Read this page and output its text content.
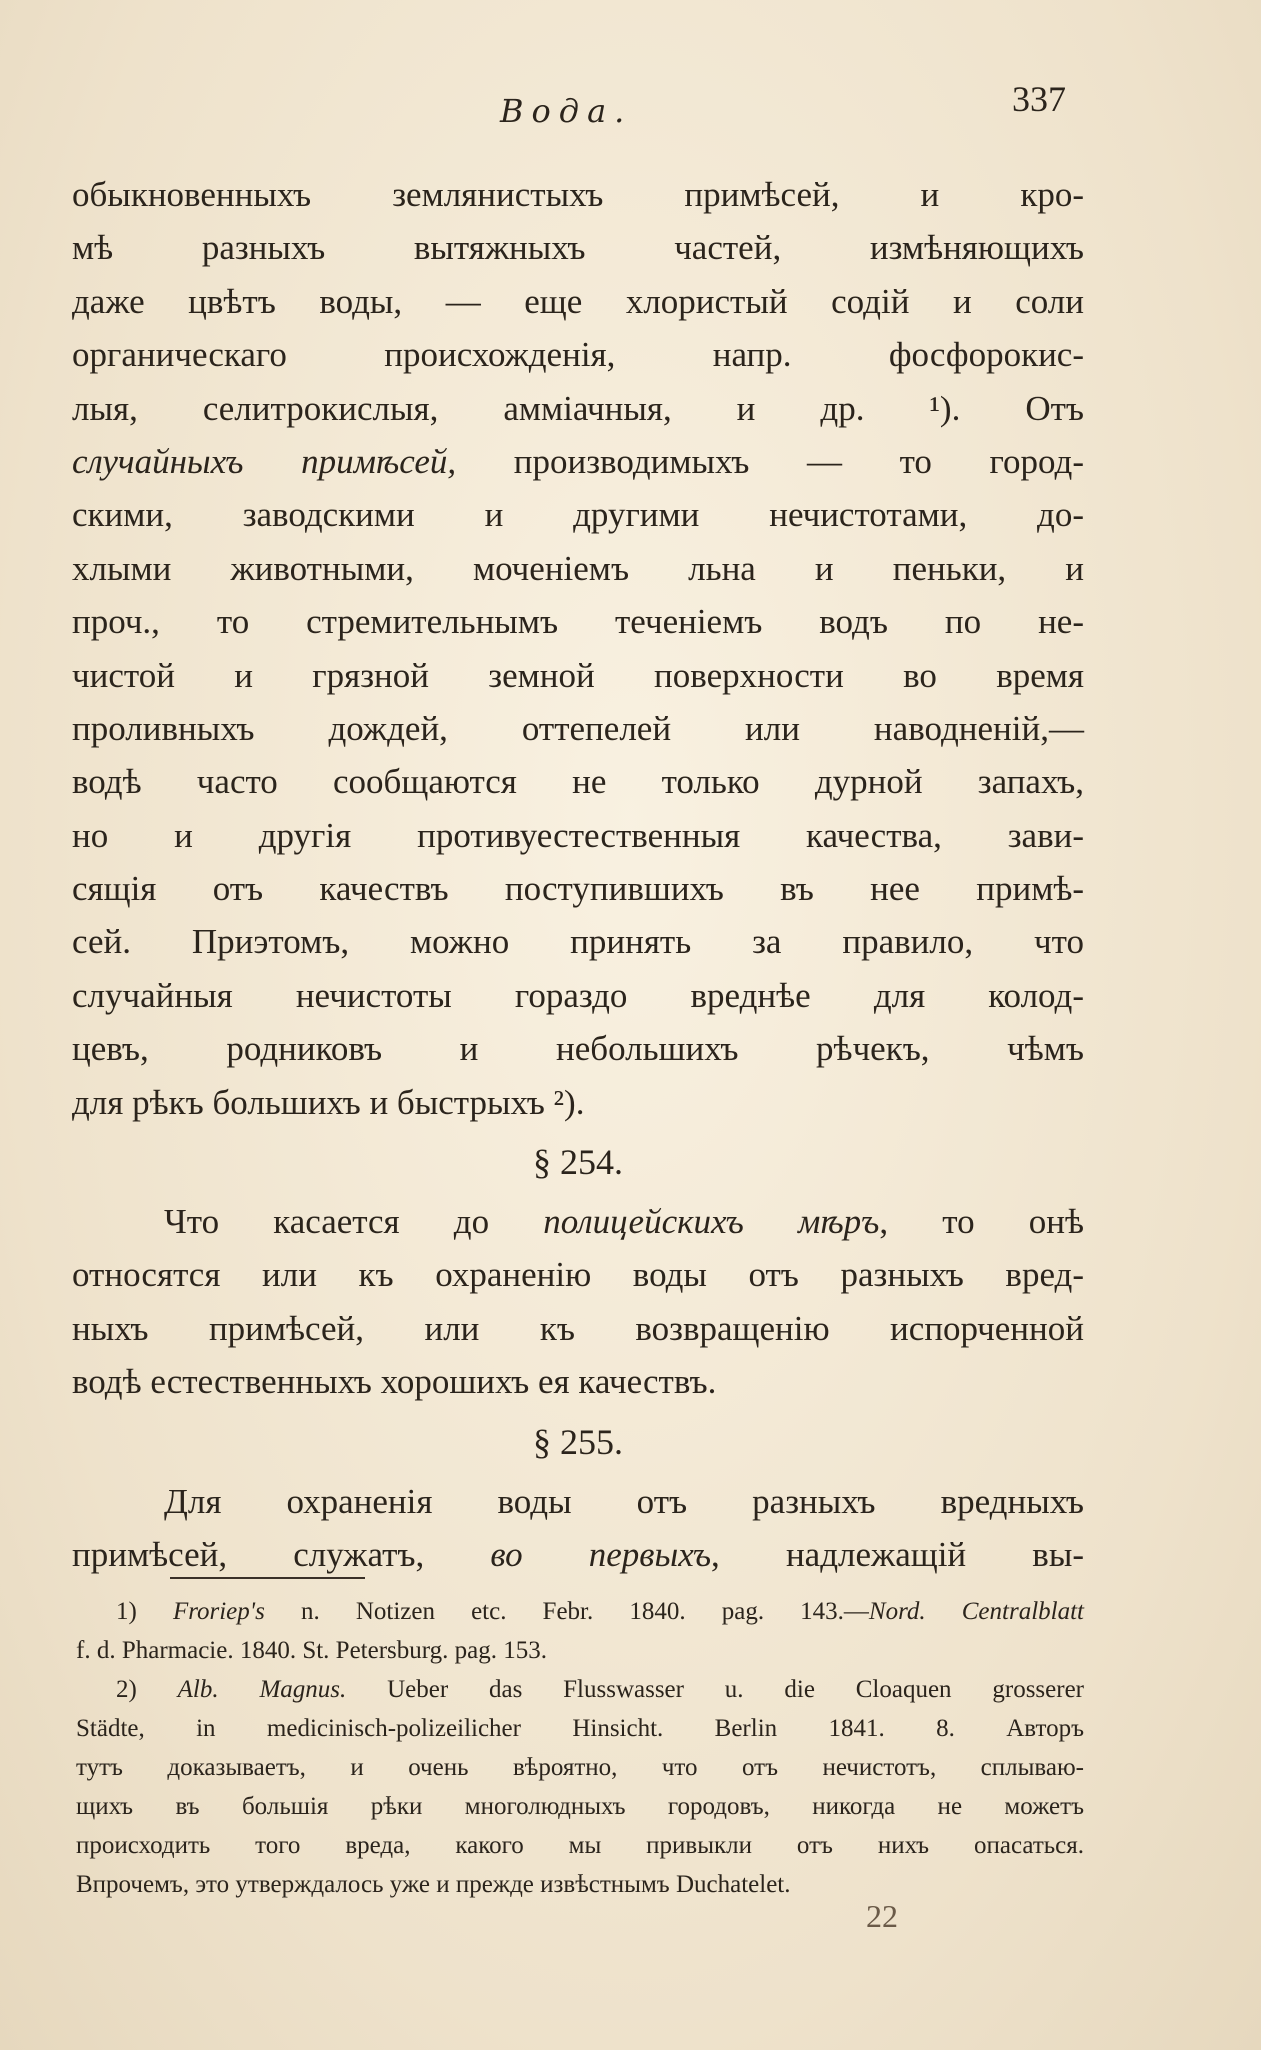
Вода.	337
обыкновенныхъ землянистыхъ примѣсей, и кро-
мѣ разныхъ вытяжныхъ частей, измѣняющихъ
даже цвѣтъ воды, — еще хлористый содій и соли
органическаго происхожденія, напр. фосфорокис-
лыя, селитрокислыя, амміачныя, и др. ¹). Отъ
случайныхъ примѣсей, производимыхъ — то город-
скими, заводскими и другими нечистотами, до-
хлыми животными, моченіемъ льна и пеньки, и
проч., то стремительнымъ теченіемъ водъ по не-
чистой и грязной земной поверхности во время
проливныхъ дождей, оттепелей или наводненій,—
водѣ часто сообщаются не только дурной запахъ,
но и другія противуестественныя качества, зави-
сящія отъ качествъ поступившихъ въ нее примѣ-
сей. Приэтомъ, можно принять за правило, что
случайныя нечистоты гораздо вреднѣе для колод-
цевъ, родниковъ и небольшихъ рѣчекъ, чѣмъ
для рѣкъ большихъ и быстрыхъ ²).
§ 254.
Что касается до полицейскихъ мѣръ, то онѣ
относятся или къ охраненію воды отъ разныхъ вред-
ныхъ примѣсей, или къ возвращенію испорченной
водѣ естественныхъ хорошихъ ея качествъ.
§ 255.
Для охраненія воды отъ разныхъ вредныхъ
примѣсей, служатъ, во первыхъ, надлежащій вы-
1) Froriep's n. Notizen etc. Febr. 1840. pag. 143.—Nord. Centralblatt
f. d. Pharmacie. 1840. St. Petersburg. pag. 153.
2) Alb. Magnus. Ueber das Flusswasser u. die Cloaquen grosserer
Städte, in medicinisch-polizeilicher Hinsicht. Berlin 1841. 8. Авторъ
тутъ доказываетъ, и очень вѣроятно, что отъ нечистотъ, сплываю-
щихъ въ большія рѣки многолюдныхъ городовъ, никогда не можетъ
происходить того вреда, какого мы привыкли отъ нихъ опасаться.
Впрочемъ, это утверждалось уже и прежде извѣстнымъ Duchatelet.
22
